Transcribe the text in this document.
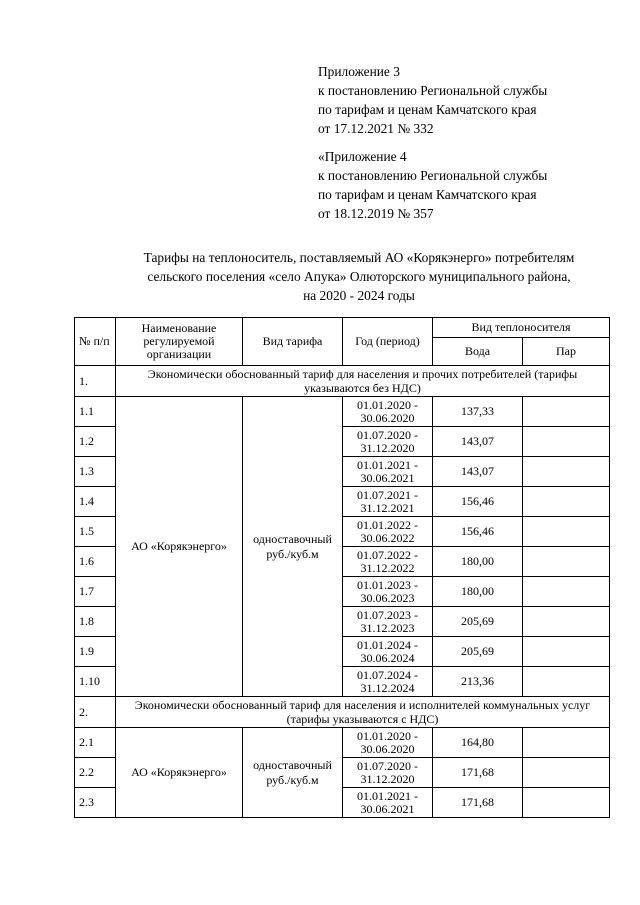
Приложение 3
к постановлению Региональной службы
по тарифам и ценам Камчатского края
от 17.12.2021 № 332
«Приложение 4
к постановлению Региональной службы
по тарифам и ценам Камчатского края
от 18.12.2019 № 357
Тарифы на теплоноситель, поставляемый АО «Корякэнерго» потребителям
сельского поселения «село Апука» Олюторского муниципального района,
на 2020 - 2024 годы
№ п/п	Наименование регулируемой организации	Вид тарифа	Год (период)	Вид теплоносителя	
				Вода	Пар
1.	Экономически обоснованный тариф для населения и прочих потребителей (тарифы указываются без НДС)				
1.1	АО «Корякэнерго»	одноставочный руб./куб.м	01.01.2020 - 30.06.2020	137,33	
1.2			01.07.2020 - 31.12.2020	143,07	
1.3			01.01.2021 - 30.06.2021	143,07	
1.4			01.07.2021 - 31.12.2021	156,46	
1.5			01.01.2022 - 30.06.2022	156,46	
1.6			01.07.2022 - 31.12.2022	180,00	
1.7			01.01.2023 - 30.06.2023	180,00	
1.8			01.07.2023 - 31.12.2023	205,69	
1.9			01.01.2024 - 30.06.2024	205,69	
1.10			01.07.2024 - 31.12.2024	213,36	
2.	Экономически обоснованный тариф для населения и исполнителей коммунальных услуг (тарифы указываются с НДС)				
2.1	АО «Корякэнерго»	одноставочный руб./куб.м	01.01.2020 - 30.06.2020	164,80	
2.2			01.07.2020 - 31.12.2020	171,68	
2.3			01.01.2021 - 30.06.2021	171,68	
